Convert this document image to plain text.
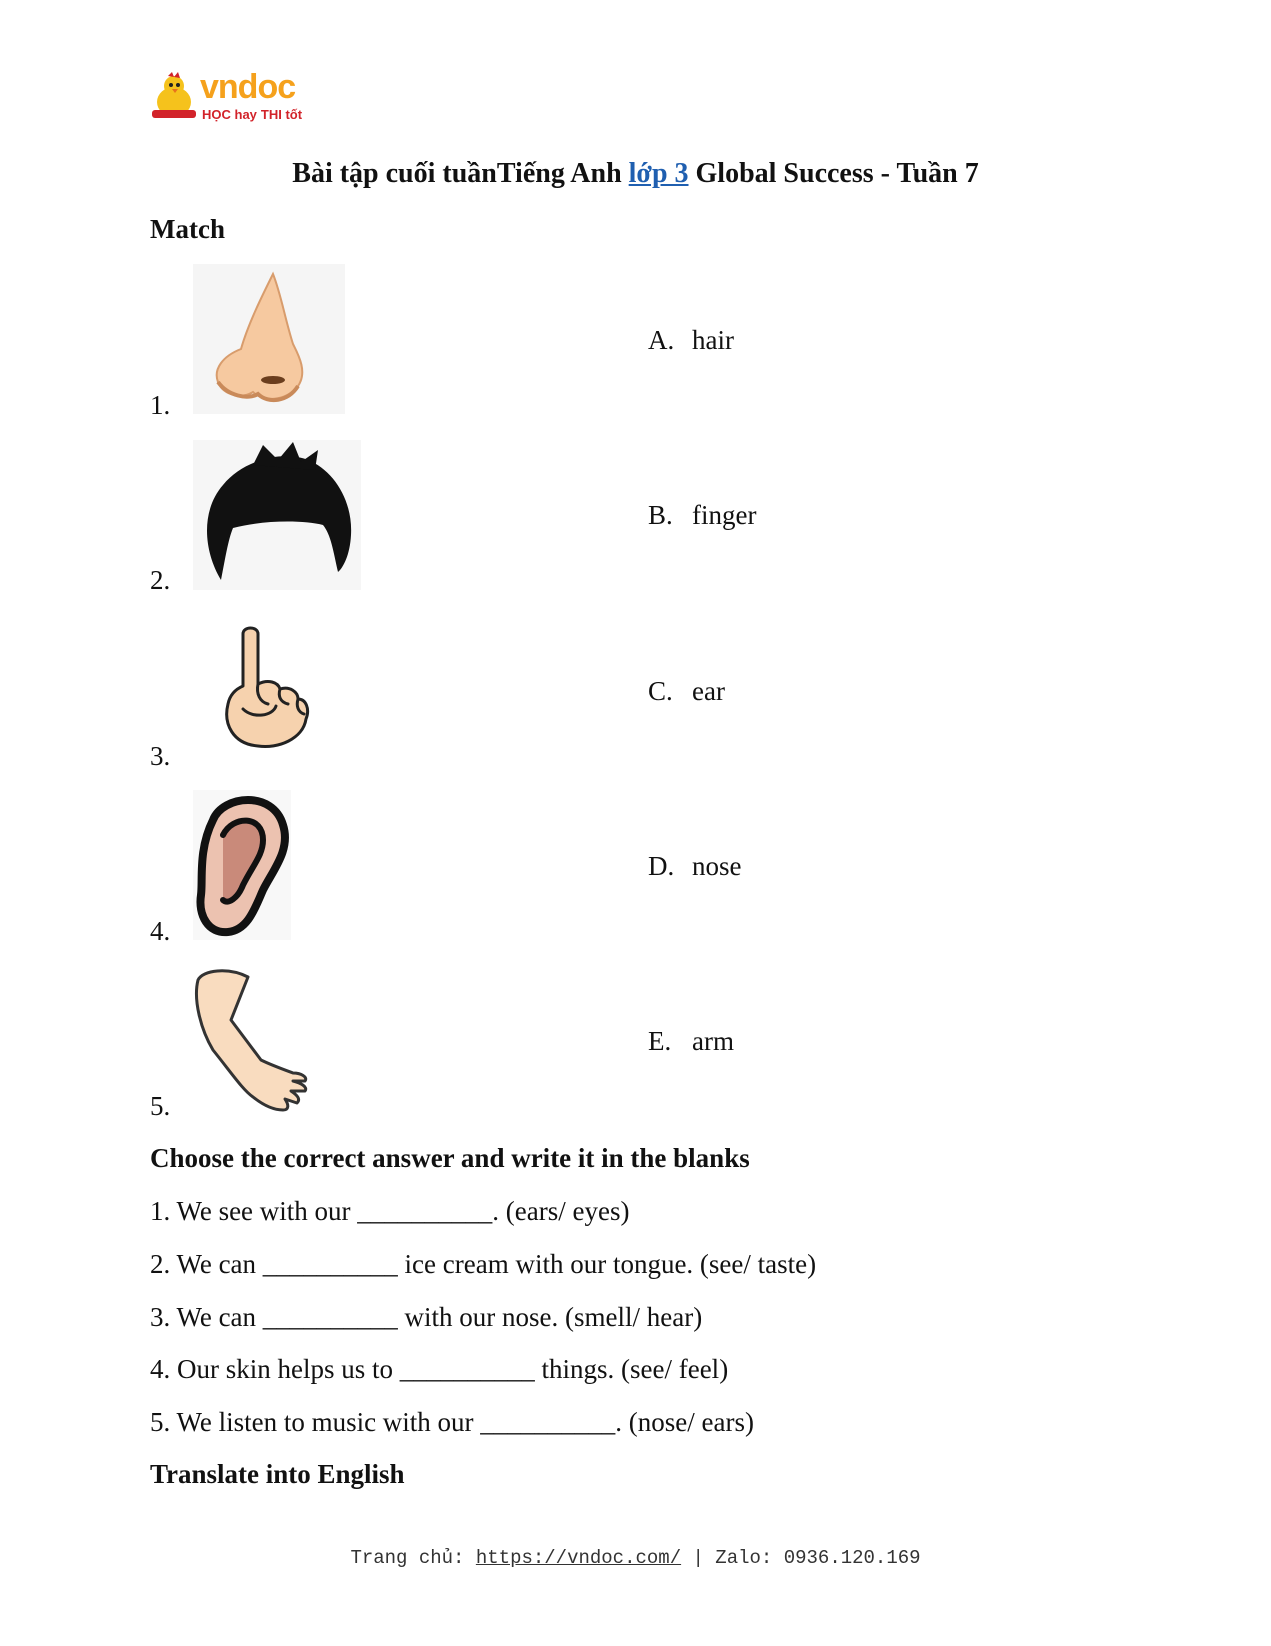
vndoc
HỌC hay THI tốt
Bài tập cuối tuầnTiếng Anh lớp 3 Global Success - Tuần 7
Match
1.
2.
3.
4.
5.
A. hair
B. finger
C. ear
D. nose
E. arm
Choose the correct answer and write it in the blanks
1. We see with our __________. (ears/ eyes)
2. We can __________ ice cream with our tongue. (see/ taste)
3. We can __________ with our nose. (smell/ hear)
4. Our skin helps us to __________ things. (see/ feel)
5. We listen to music with our __________. (nose/ ears)
Translate into English
Trang chủ: https://vndoc.com/ | Zalo: 0936.120.169
